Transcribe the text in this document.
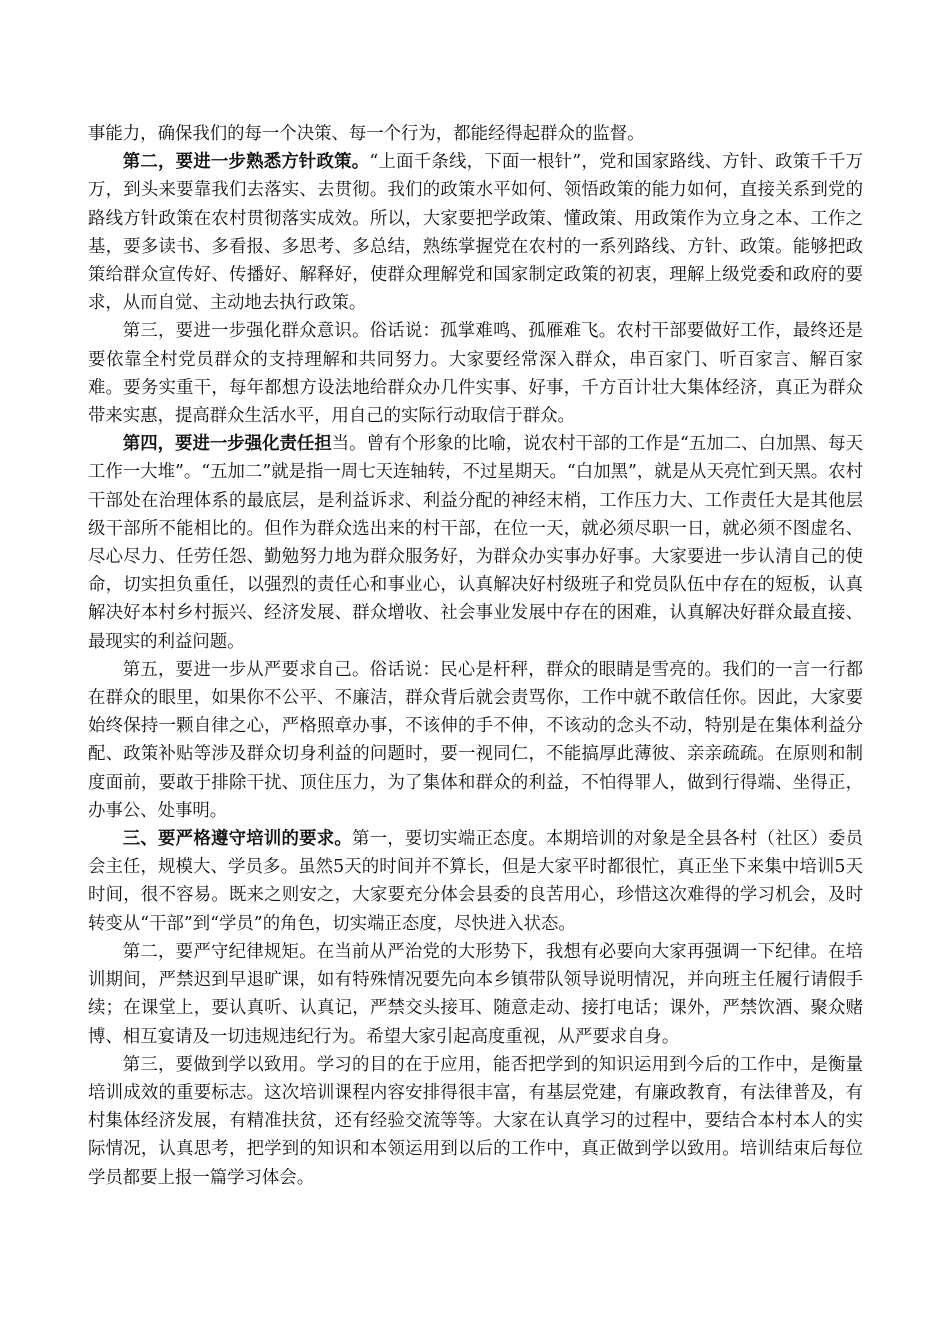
事能力，确保我们的每一个决策、每一个行为，都能经得起群众的监督。

第二，要进一步熟悉方针政策。“上面千条线，下面一根针”，党和国家路线、方针、政策千千万万，到头来要靠我们去落实、去贯彻。我们的政策水平如何、领悟政策的能力如何，直接关系到党的路线方针政策在农村贯彻落实成效。所以，大家要把学政策、懂政策、用政策作为立身之本、工作之基，要多读书、多看报、多思考、多总结，熟练掌握党在农村的一系列路线、方针、政策。能够把政策给群众宣传好、传播好、解释好，使群众理解党和国家制定政策的初衷，理解上级党委和政府的要求，从而自觉、主动地去执行政策。

第三，要进一步强化群众意识。俗话说：孤掌难鸣、孤雁难飞。农村干部要做好工作，最终还是要依靠全村党员群众的支持理解和共同努力。大家要经常深入群众，串百家门、听百家言、解百家难。要务实重干，每年都想方设法地给群众办几件实事、好事，千方百计壮大集体经济，真正为群众带来实惠，提高群众生活水平，用自己的实际行动取信于群众。

第四，要进一步强化责任担当。曾有个形象的比喻，说农村干部的工作是“五加二、白加黑、每天工作一大堆”。“五加二”就是指一周七天连轴转，不过星期天。“白加黑”，就是从天亮忙到天黑。农村干部处在治理体系的最底层，是利益诉求、利益分配的神经末梢，工作压力大、工作责任大是其他层级干部所不能相比的。但作为群众选出来的村干部，在位一天，就必须尽职一日，就必须不图虚名、尽心尽力、任劳任怨、勤勉努力地为群众服务好，为群众办实事办好事。大家要进一步认清自己的使命，切实担负重任，以强烈的责任心和事业心，认真解决好村级班子和党员队伍中存在的短板，认真解决好本村乡村振兴、经济发展、群众增收、社会事业发展中存在的困难，认真解决好群众最直接、最现实的利益问题。

第五，要进一步从严要求自己。俗话说：民心是杆秤，群众的眼睛是雪亮的。我们的一言一行都在群众的眼里，如果你不公平、不廉洁，群众背后就会责骂你，工作中就不敢信任你。因此，大家要始终保持一颗自律之心，严格照章办事，不该伸的手不伸，不该动的念头不动，特别是在集体利益分配、政策补贴等涉及群众切身利益的问题时，要一视同仁，不能搞厚此薄彼、亲亲疏疏。在原则和制度面前，要敢于排除干扰、顶住压力，为了集体和群众的利益，不怕得罪人，做到行得端、坐得正，办事公、处事明。

三、要严格遵守培训的要求。第一，要切实端正态度。本期培训的对象是全县各村（社区）委员会主任，规模大、学员多。虽然5天的时间并不算长，但是大家平时都很忙，真正坐下来集中培训5天时间，很不容易。既来之则安之，大家要充分体会县委的良苦用心，珍惜这次难得的学习机会，及时转变从“干部”到“学员”的角色，切实端正态度，尽快进入状态。

第二，要严守纪律规矩。在当前从严治党的大形势下，我想有必要向大家再强调一下纪律。在培训期间，严禁迟到早退旷课，如有特殊情况要先向本乡镇带队领导说明情况，并向班主任履行请假手续；在课堂上，要认真听、认真记，严禁交头接耳、随意走动、接打电话；课外，严禁饮酒、聚众赌博、相互宴请及一切违规违纪行为。希望大家引起高度重视，从严要求自身。

第三，要做到学以致用。学习的目的在于应用，能否把学到的知识运用到今后的工作中，是衡量培训成效的重要标志。这次培训课程内容安排得很丰富，有基层党建，有廉政教育，有法律普及，有村集体经济发展，有精准扶贫，还有经验交流等等。大家在认真学习的过程中，要结合本村本人的实际情况，认真思考，把学到的知识和本领运用到以后的工作中，真正做到学以致用。培训结束后每位学员都要上报一篇学习体会。
